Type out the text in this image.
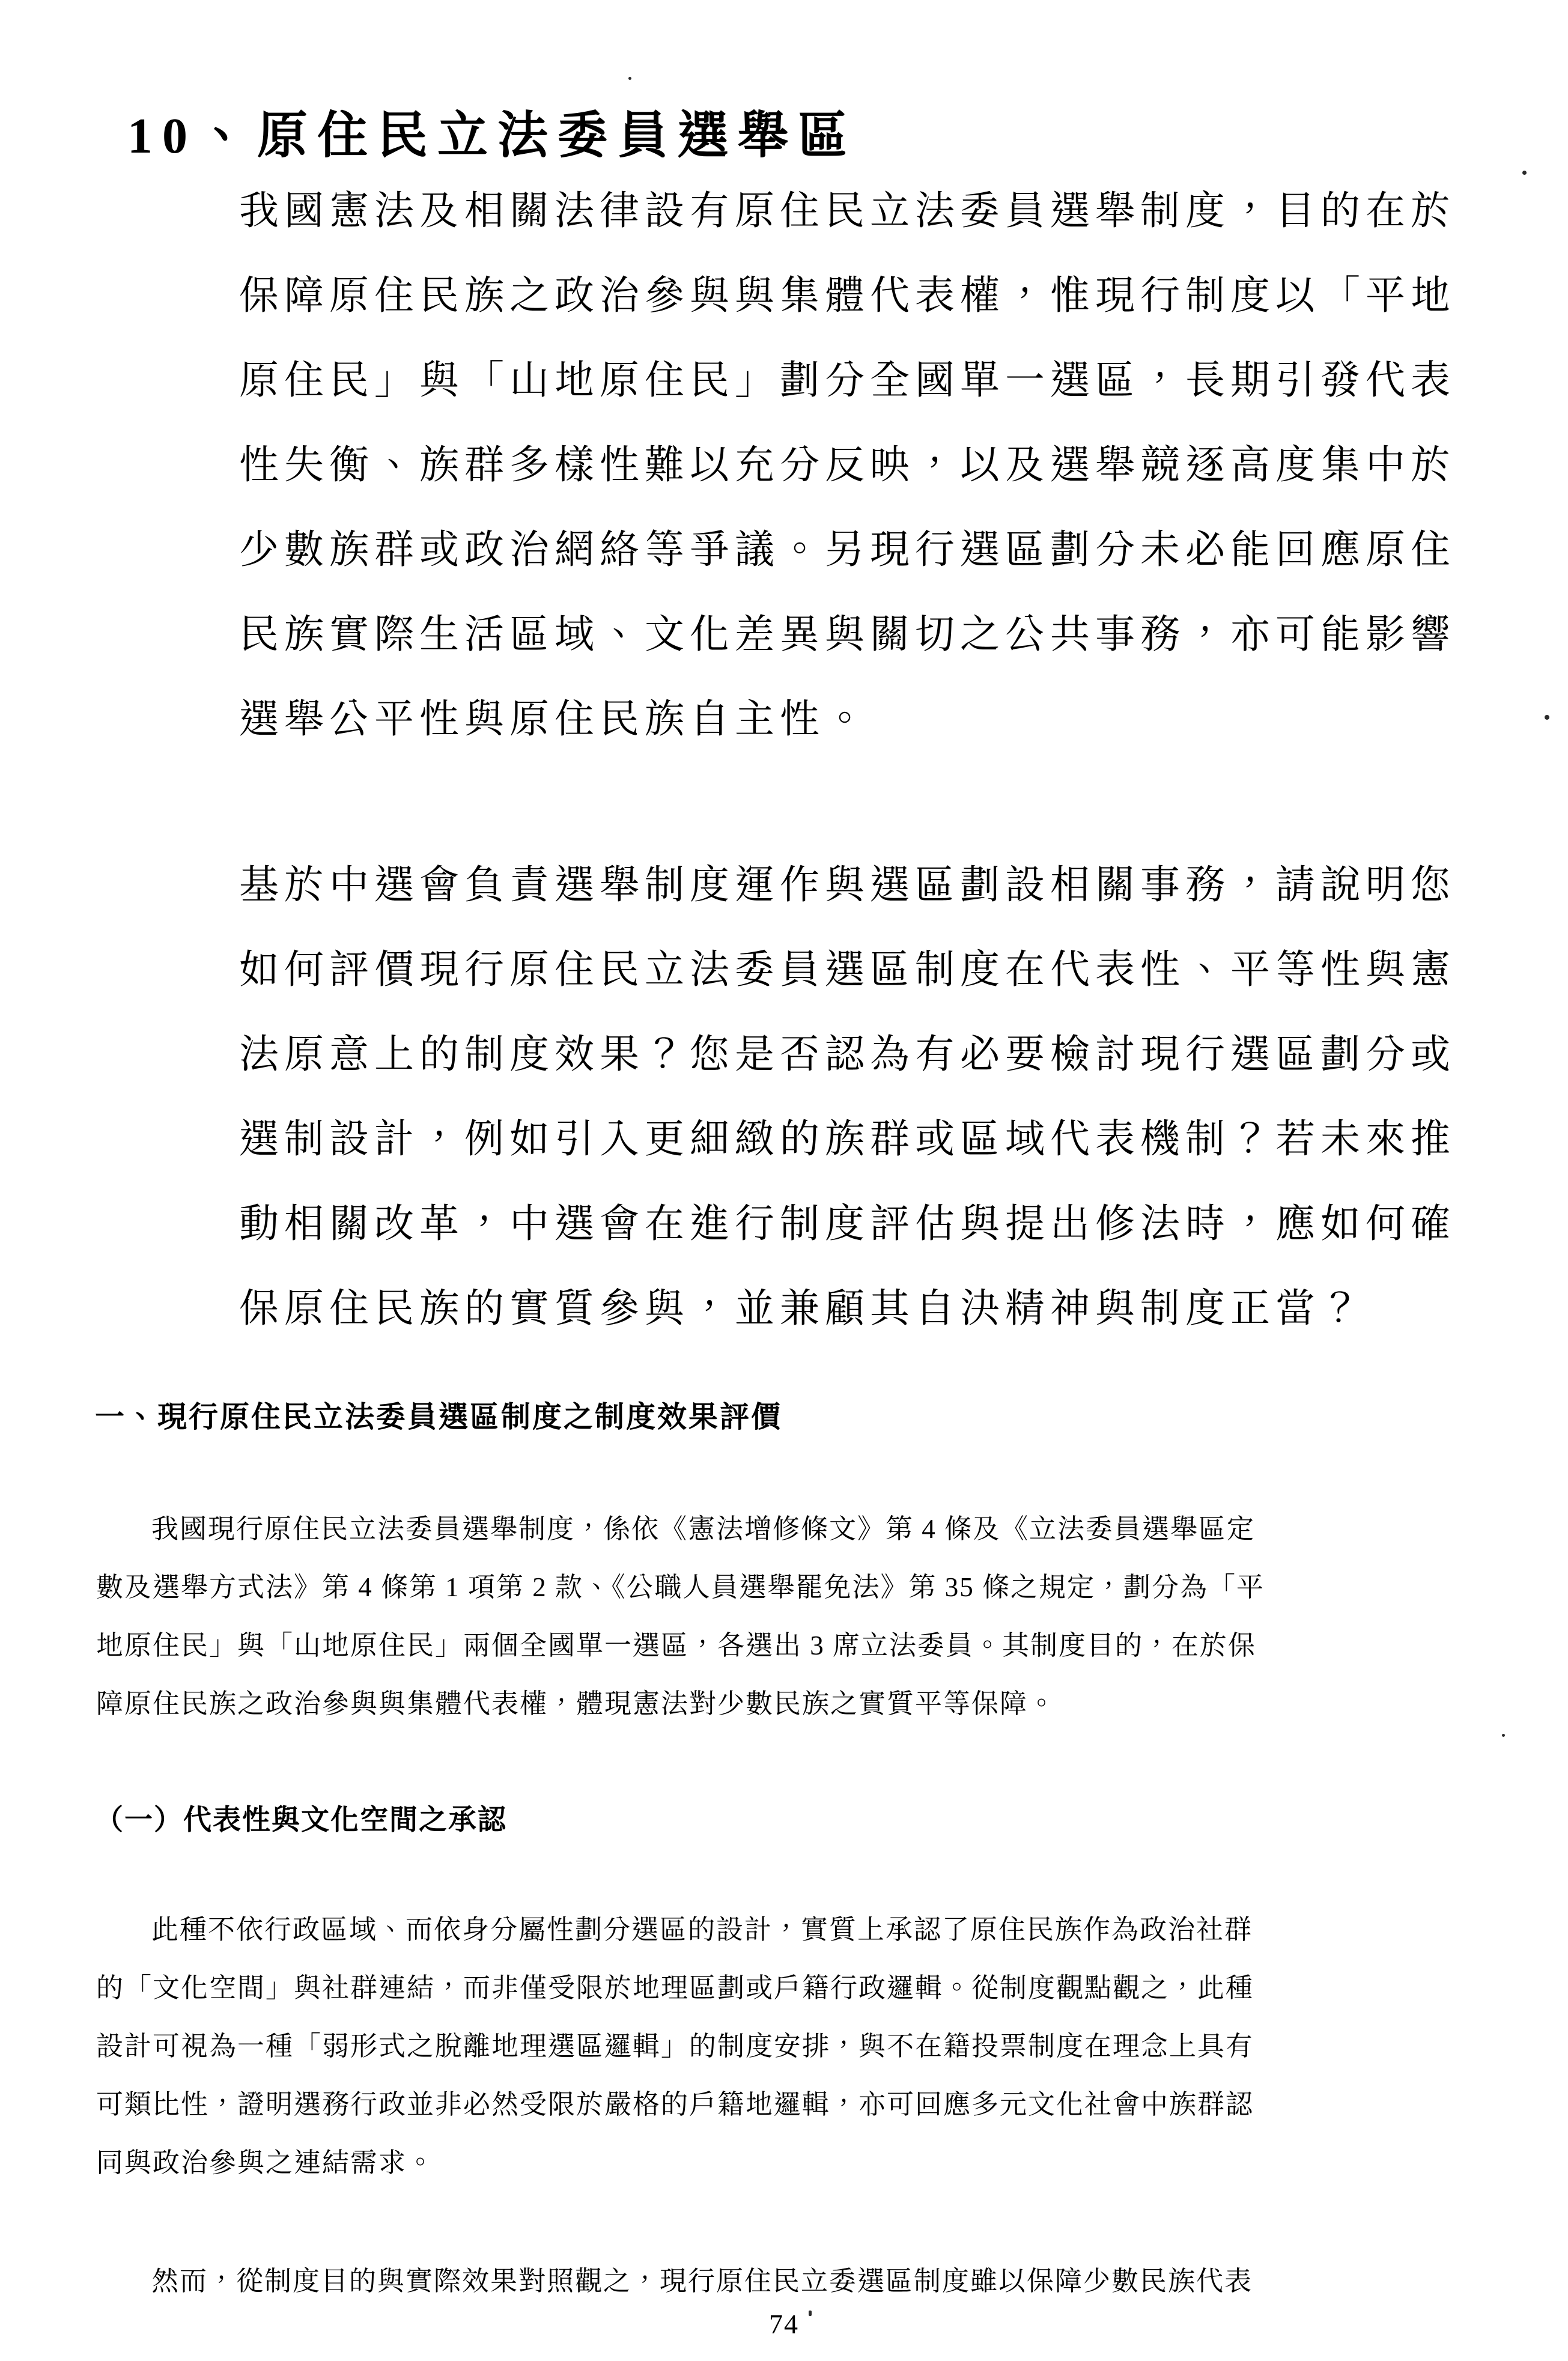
10、原住民立法委員選舉區
我國憲法及相關法律設有原住民立法委員選舉制度，目的在於
保障原住民族之政治參與與集體代表權，惟現行制度以「平地
原住民」與「山地原住民」劃分全國單一選區，長期引發代表
性失衡、族群多樣性難以充分反映，以及選舉競逐高度集中於
少數族群或政治網絡等爭議。另現行選區劃分未必能回應原住
民族實際生活區域、文化差異與關切之公共事務，亦可能影響
選舉公平性與原住民族自主性。
基於中選會負責選舉制度運作與選區劃設相關事務，請說明您
如何評價現行原住民立法委員選區制度在代表性、平等性與憲
法原意上的制度效果？您是否認為有必要檢討現行選區劃分或
選制設計，例如引入更細緻的族群或區域代表機制？若未來推
動相關改革，中選會在進行制度評估與提出修法時，應如何確
保原住民族的實質參與，並兼顧其自決精神與制度正當？
一、現行原住民立法委員選區制度之制度效果評價
我國現行原住民立法委員選舉制度，係依《憲法增修條文》第 4 條及《立法委員選舉區定
數及選舉方式法》第 4 條第 1 項第 2 款、《公職人員選舉罷免法》第 35 條之規定，劃分為「平
地原住民」與「山地原住民」兩個全國單一選區，各選出 3 席立法委員。其制度目的，在於保
障原住民族之政治參與與集體代表權，體現憲法對少數民族之實質平等保障。
（一）代表性與文化空間之承認
此種不依行政區域、而依身分屬性劃分選區的設計，實質上承認了原住民族作為政治社群
的「文化空間」與社群連結，而非僅受限於地理區劃或戶籍行政邏輯。從制度觀點觀之，此種
設計可視為一種「弱形式之脫離地理選區邏輯」的制度安排，與不在籍投票制度在理念上具有
可類比性，證明選務行政並非必然受限於嚴格的戶籍地邏輯，亦可回應多元文化社會中族群認
同與政治參與之連結需求。
然而，從制度目的與實際效果對照觀之，現行原住民立委選區制度雖以保障少數民族代表
74
